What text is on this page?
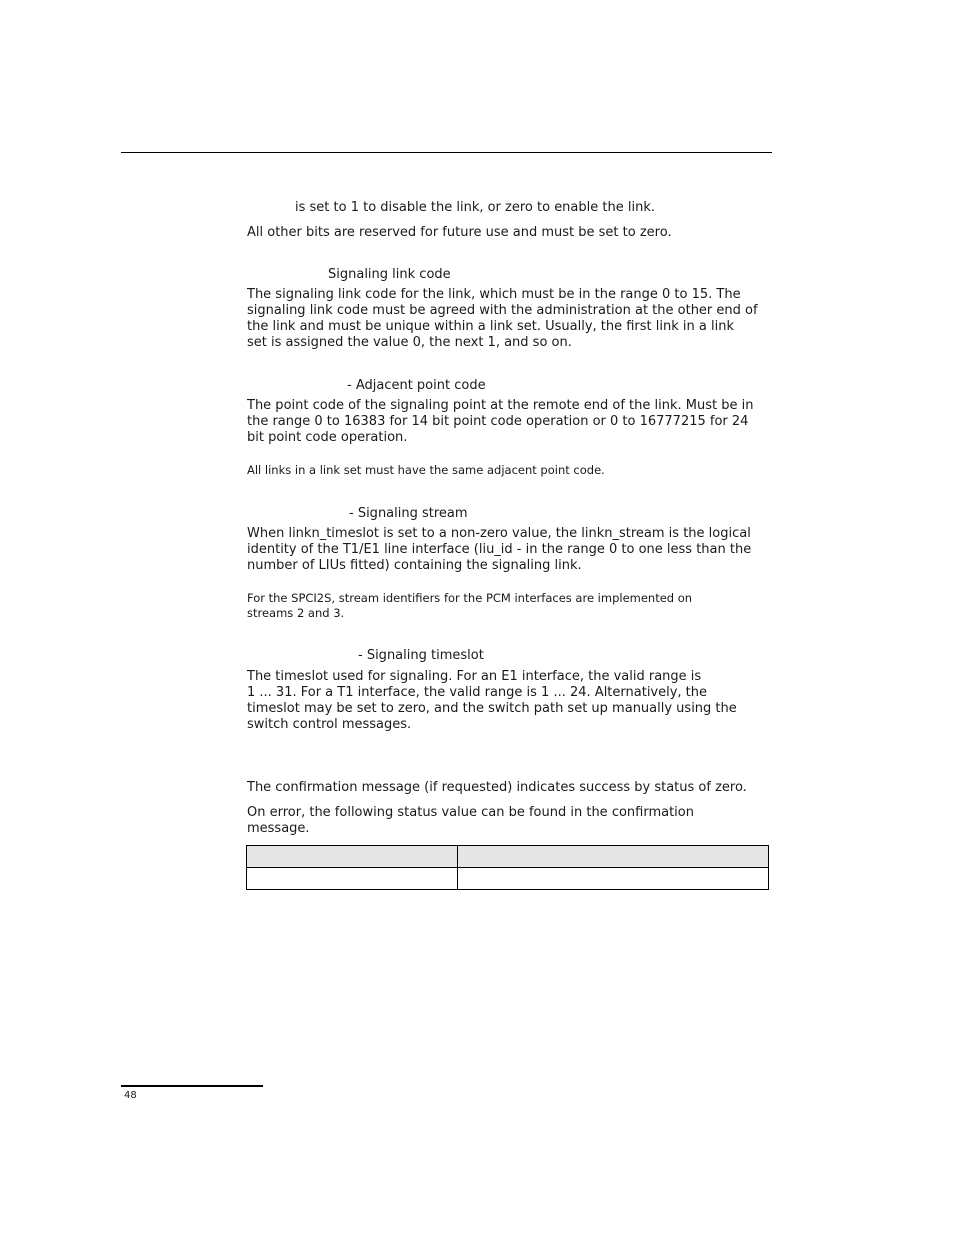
is set to 1 to disable the link, or zero to enable the link.
All other bits are reserved for future use and must be set to zero.
Signaling link code
The signaling link code for the link, which must be in the range 0 to 15. The
signaling link code must be agreed with the administration at the other end of
the link and must be unique within a link set. Usually, the first link in a link
set is assigned the value 0, the next 1, and so on.
- Adjacent point code
The point code of the signaling point at the remote end of the link. Must be in
the range 0 to 16383 for 14 bit point code operation or 0 to 16777215 for 24
bit point code operation.
All links in a link set must have the same adjacent point code.
- Signaling stream
When linkn_timeslot is set to a non-zero value, the linkn_stream is the logical
identity of the T1/E1 line interface (liu_id - in the range 0 to one less than the
number of LIUs fitted) containing the signaling link.
For the SPCI2S, stream identifiers for the PCM interfaces are implemented on
streams 2 and 3.
- Signaling timeslot
The timeslot used for signaling. For an E1 interface, the valid range is
1 ... 31. For a T1 interface, the valid range is 1 ... 24. Alternatively, the
timeslot may be set to zero, and the switch path set up manually using the
switch control messages.
The confirmation message (if requested) indicates success by status of zero.
On error, the following status value can be found in the confirmation
message.

48
